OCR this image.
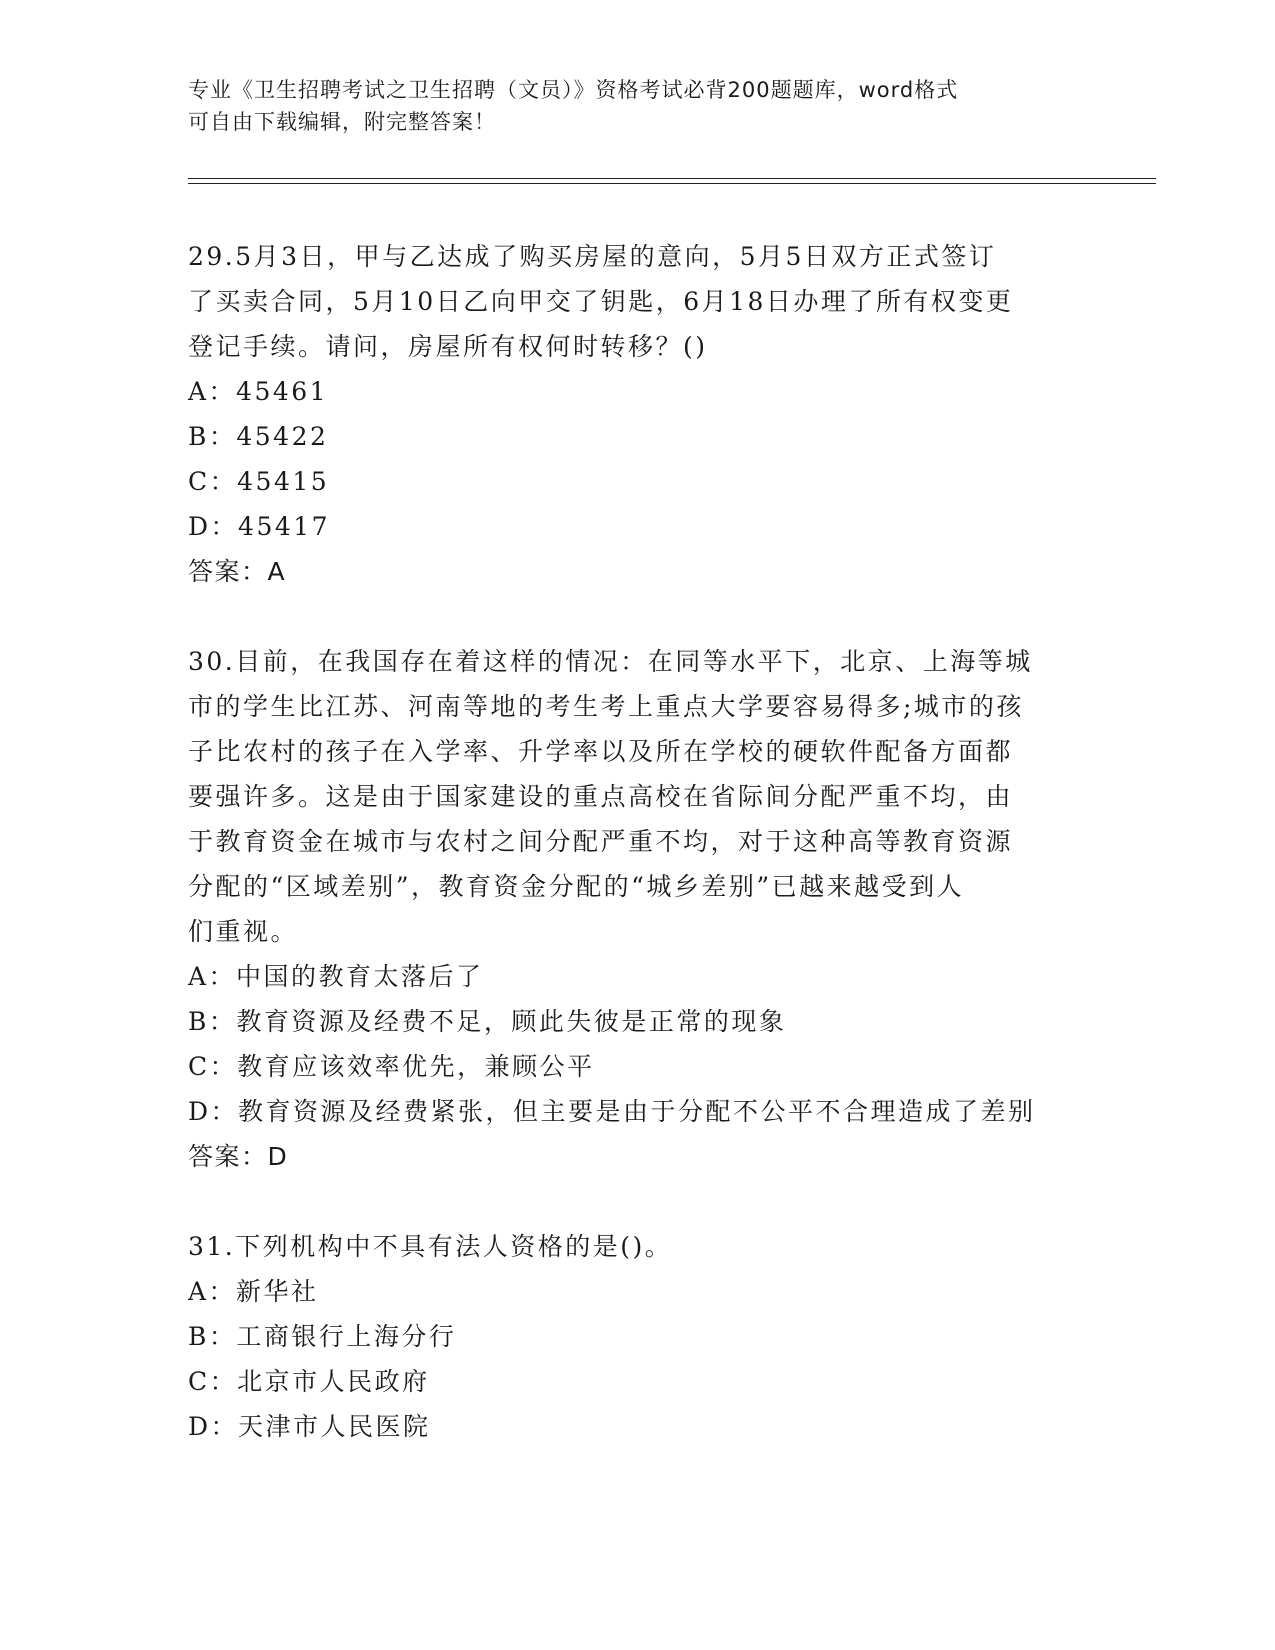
专业《卫生招聘考试之卫生招聘（文员）》资格考试必背200题题库，word格式
可自由下载编辑，附完整答案！

29.5月3日，甲与乙达成了购买房屋的意向，5月5日双方正式签订

了买卖合同，5月10日乙向甲交了钥匙，6月18日办理了所有权变更

登记手续。请问，房屋所有权何时转移？()

A：45461

B：45422

C：45415

D：45417

答案：A

30.目前，在我国存在着这样的情况：在同等水平下，北京、上海等城

市的学生比江苏、河南等地的考生考上重点大学要容易得多;城市的孩

子比农村的孩子在入学率、升学率以及所在学校的硬软件配备方面都

要强许多。这是由于国家建设的重点高校在省际间分配严重不均，由

于教育资金在城市与农村之间分配严重不均，对于这种高等教育资源

分配的“区域差别”，教育资金分配的“城乡差别”已越来越受到人

们重视。

A：中国的教育太落后了

B：教育资源及经费不足，顾此失彼是正常的现象

C：教育应该效率优先，兼顾公平

D：教育资源及经费紧张，但主要是由于分配不公平不合理造成了差别

答案：D

31.下列机构中不具有法人资格的是()。

A：新华社

B：工商银行上海分行

C：北京市人民政府

D：天津市人民医院
